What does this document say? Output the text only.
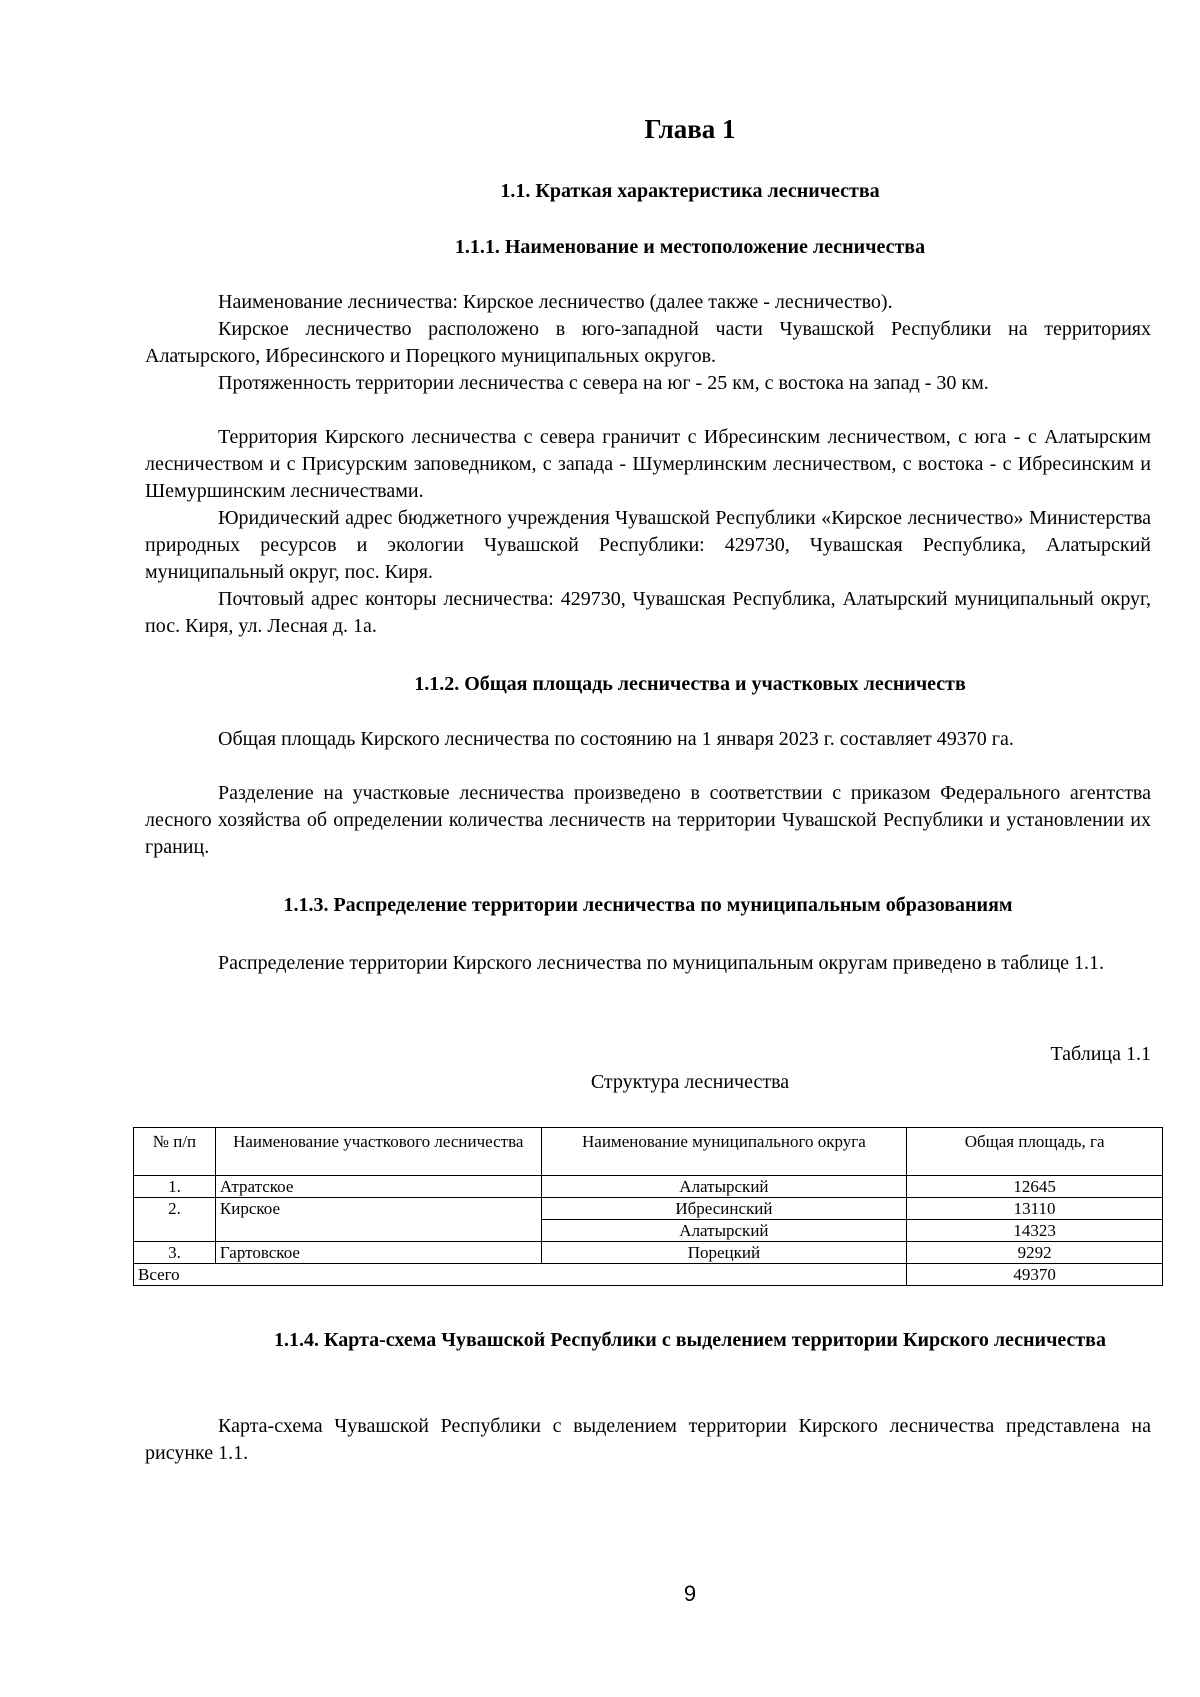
Глава 1
1.1. Краткая характеристика лесничества
1.1.1. Наименование и местоположение лесничества

Наименование лесничества: Кирское лесничество (далее также - лесничество).

Кирское лесничество расположено в юго-западной части Чувашской Республики на территориях Алатырского, Ибресинского и Порецкого муниципальных округов.

Протяженность территории лесничества с севера на юг - 25 км, с востока на запад - 30 км.

Территория Кирского лесничества с севера граничит с Ибресинским лесничеством, с юга - с Алатырским лесничеством и с Присурским заповедником, с запада - Шумерлинским лесничеством, с востока - с Ибресинским и Шемуршинским лесничествами.

Юридический адрес бюджетного учреждения Чувашской Республики «Кирское лесничество» Министерства природных ресурсов и экологии Чувашской Республики: 429730, Чувашская Республика, Алатырский муниципальный округ, пос. Киря.

Почтовый адрес конторы лесничества: 429730, Чувашская Республика, Алатырский муниципальный округ, пос. Киря, ул. Лесная д. 1а.

1.1.2. Общая площадь лесничества и участковых лесничеств

Общая площадь Кирского лесничества по состоянию на 1 января 2023 г. составляет 49370 га.

Разделение на участковые лесничества произведено в соответствии с приказом Федерального агентства лесного хозяйства об определении количества лесничеств на территории Чувашской Республики и установлении их границ.

1.1.3. Распределение территории лесничества по муниципальным образованиям

Распределение территории Кирского лесничества по муниципальным округам приведено в таблице 1.1.

Таблица 1.1

Структура лесничества

№ п/п	Наименование участкового лесничества	Наименование муниципального округа	Общая площадь, га
1.	Атратское	Алатырский	12645
2.	Кирское	Ибресинский	13110
		Алатырский	14323
3.	Гартовское	Порецкий	9292
Всего			49370
1.1.4. Карта-схема Чувашской Республики с выделением территории Кирского лесничества

Карта-схема Чувашской Республики с выделением территории Кирского лесничества представлена на рисунке 1.1.

9
